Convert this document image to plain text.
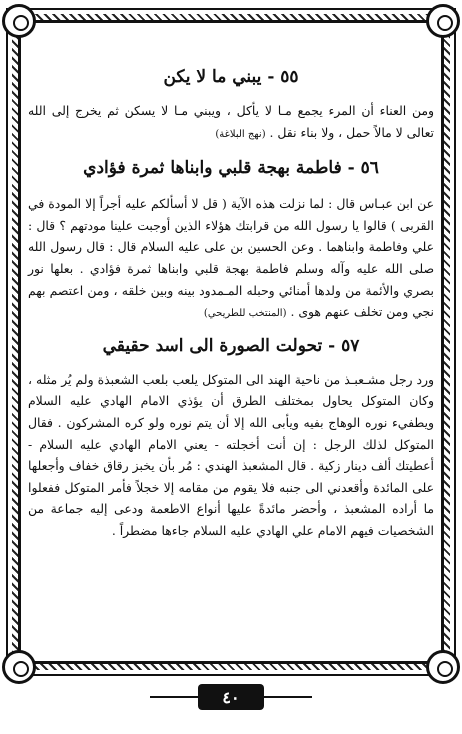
٥٥ - يبني ما لا يكن

ومن العناء أن المرء يجمع مـا لا يأكل ، ويبني مـا لا يسكن ثم يخرج إلى الله تعالى لا مالاً حمل ، ولا بناء نقل . (نهج البلاغة)

٥٦ - فاطمة بهجة قلبي وابناها ثمرة فؤادي

عن ابن عبـاس قال : لما نزلت هذه الآية ( قل لا أسألكم عليه أجراً إلا المودة في القربى ) قالوا يا رسول الله من قرابتك هؤلاء الذين أوجبت علينا مودتهم ؟ قال : علي وفاطمة وابناهما . وعن الحسين بن على عليه السلام قال : قال رسول الله صلى الله عليه وآله وسلم فاطمة بهجة قلبي وابناها ثمرة فؤادي . بعلها نور بصري والأئمة من ولدها أمنائي وحبله المـمدود بينه وبين خلقه ، ومن اعتصم بهم نجي ومن تخلف عنهم هوى . (المنتخب للطريحي)

٥٧ - تحولت الصورة الى اسد حقيقي

ورد رجل مشـعبـذ من ناحية الهند الى المتوكل يلعب بلعب الشعبذة ولم يُر مثله ، وكان المتوكل يحاول بمختلف الطرق أن يؤذي الامام الهادي عليه السلام ويطفيء نوره الوهاج بفيه ويأبى الله إلا أن يتم نوره ولو كره المشركون . فقال المتوكل لذلك الرجل : إن أنت أخجلته - يعني الامام الهادي عليه السلام - أعطيتك ألف دينار زكية . قال المشعبذ الهندي : مُر بأن يخبز رقاق خفاف وأجعلها على المائدة وأقعدني الى جنبه فلا يقوم من مقامه إلا خجلاً فأمر المتوكل ففعلوا ما أراده المشعبذ ، وأحضر مائدةً عليها أنواع الاطعمة ودعى إليه جماعة من الشخصيات فيهم الامام علي الهادي عليه السلام جاءها مضطراً .

٤٠
